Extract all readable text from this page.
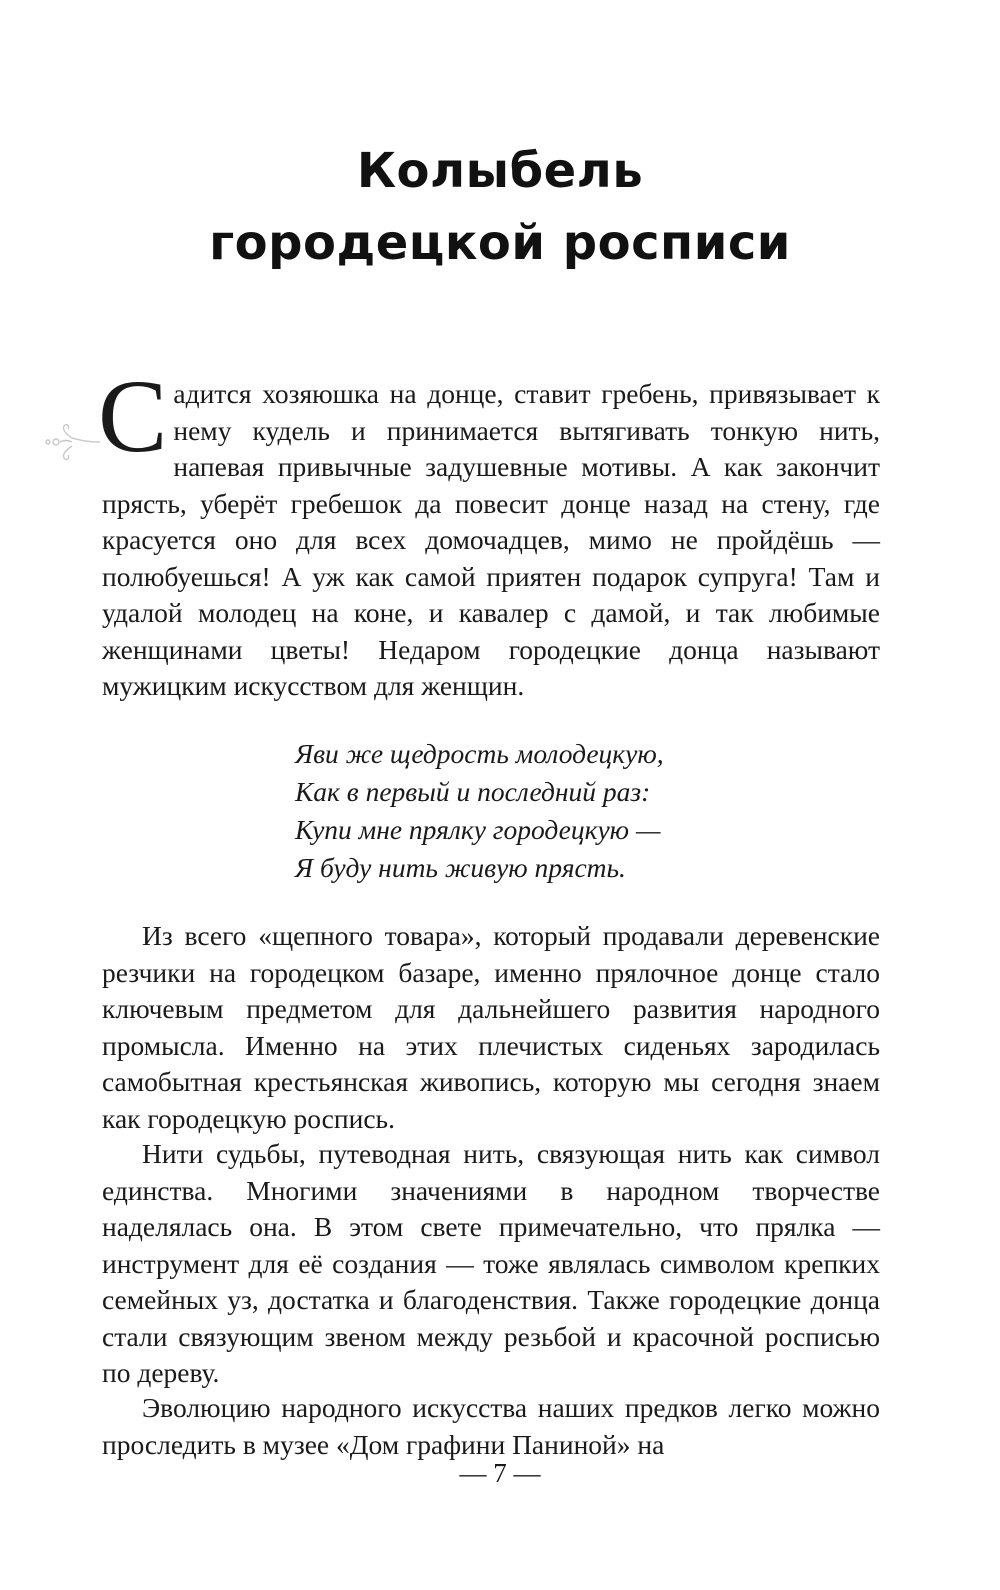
Колыбель
городецкой росписи

Садится хозяюшка на донце, ставит гребень, привязывает к нему кудель и принимается вытягивать тонкую нить, напевая привычные задушевные мотивы. А как закончит прясть, уберёт гребешок да повесит донце назад на стену, где красуется оно для всех домочадцев, мимо не пройдёшь — полюбуешься! А уж как самой приятен подарок супруга! Там и удалой молодец на коне, и кавалер с дамой, и так любимые женщинами цветы! Недаром городецкие донца называют мужицким искусством для женщин.

Яви же щедрость молодецкую,
Как в первый и последний раз:
Купи мне прялку городецкую —
Я буду нить живую прясть.

Из всего «щепного товара», который продавали деревенские резчики на городецком базаре, именно прялочное донце стало ключевым предметом для дальнейшего развития народного промысла. Именно на этих плечистых сиденьях зародилась самобытная крестьянская живопись, которую мы сегодня знаем как городецкую роспись.

Нити судьбы, путеводная нить, связующая нить как символ единства. Многими значениями в народном творчестве наделялась она. В этом свете примечательно, что прялка — инструмент для её создания — тоже являлась символом крепких семейных уз, достатка и благоденствия. Также городецкие донца стали связующим звеном между резьбой и красочной росписью по дереву.

Эволюцию народного искусства наших предков легко можно проследить в музее «Дом графини Паниной» на

— 7 —
